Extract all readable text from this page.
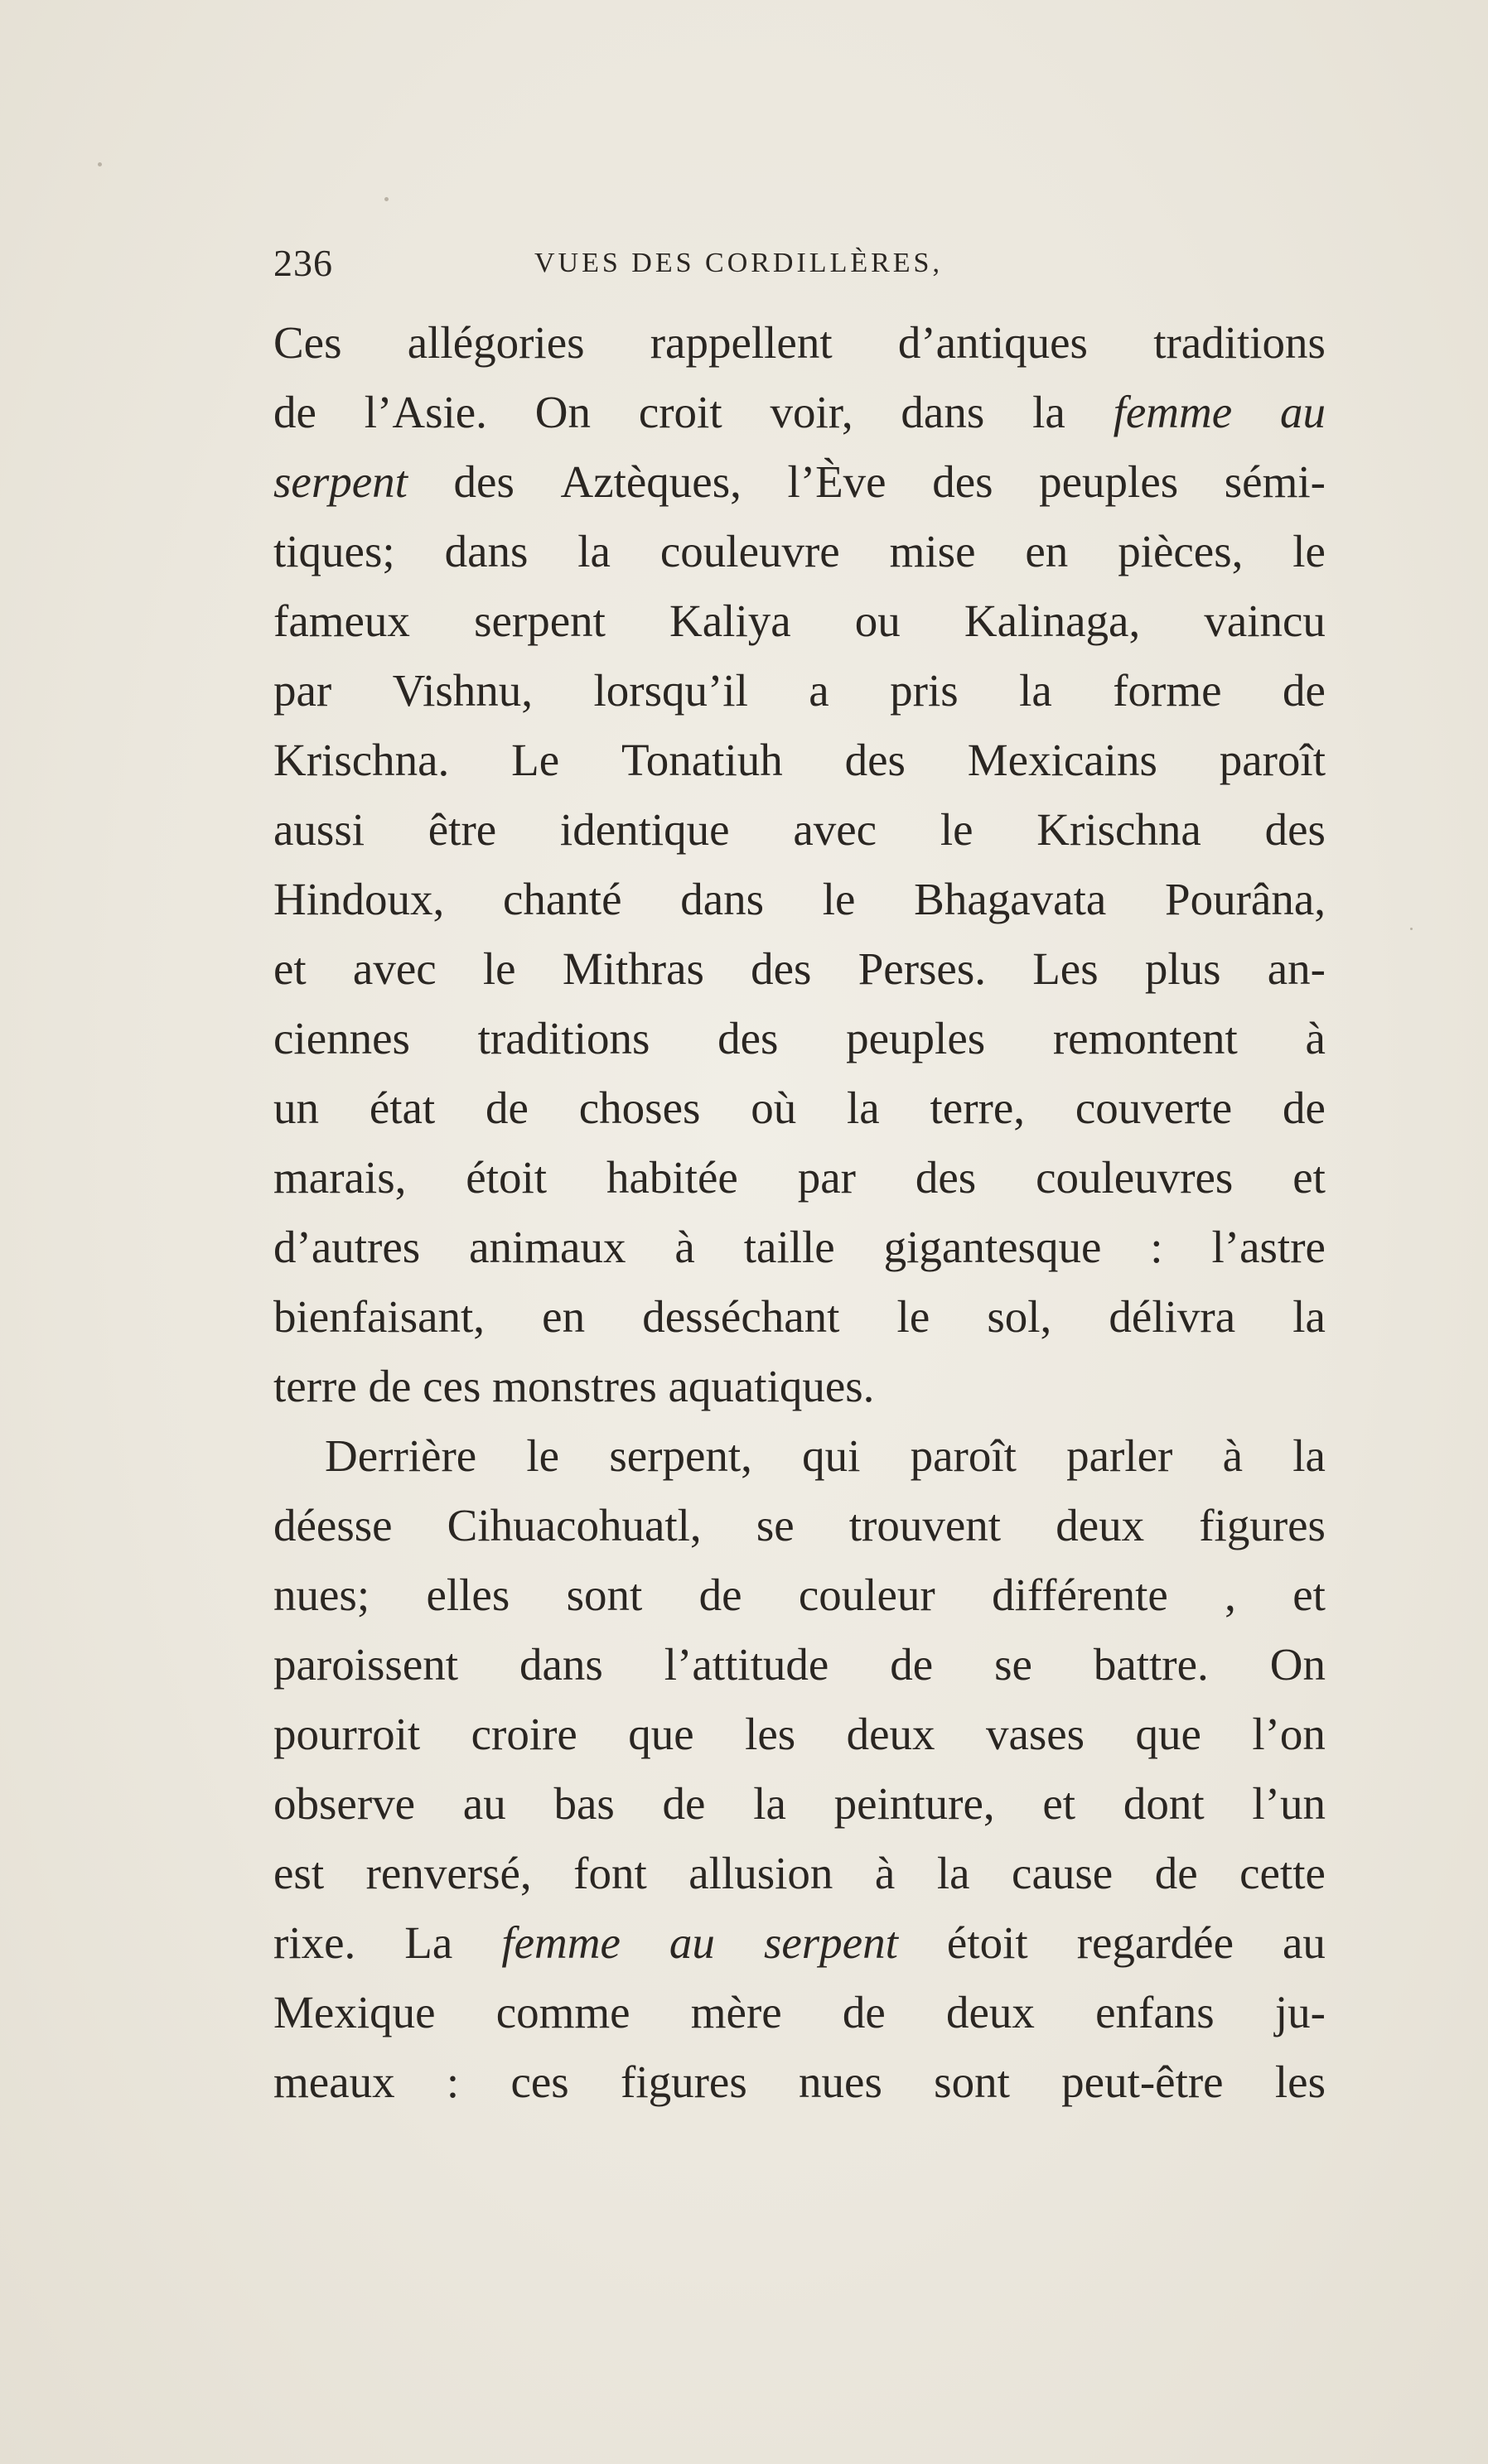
236	VUES DES CORDILLÈRES,
Ces allégories rappellent d’antiques traditions
de l’Asie. On croit voir, dans la femme au
serpent des Aztèques, l’Ève des peuples sémi-
tiques; dans la couleuvre mise en pièces, le
fameux serpent Kaliya ou Kalinaga, vaincu
par Vishnu, lorsqu’il a pris la forme de
Krischna. Le Tonatiuh des Mexicains paroît
aussi être identique avec le Krischna des
Hindoux, chanté dans le Bhagavata Pourâna,
et avec le Mithras des Perses. Les plus an-
ciennes traditions des peuples remontent à
un état de choses où la terre, couverte de
marais, étoit habitée par des couleuvres et
d’autres animaux à taille gigantesque : l’astre
bienfaisant, en desséchant le sol, délivra la
terre de ces monstres aquatiques.
Derrière le serpent, qui paroît parler à la
déesse Cihuacohuatl, se trouvent deux figures
nues; elles sont de couleur différente , et
paroissent dans l’attitude de se battre. On
pourroit croire que les deux vases que l’on
observe au bas de la peinture, et dont l’un
est renversé, font allusion à la cause de cette
rixe. La femme au serpent étoit regardée au
Mexique comme mère de deux enfans ju-
meaux : ces figures nues sont peut-être les
